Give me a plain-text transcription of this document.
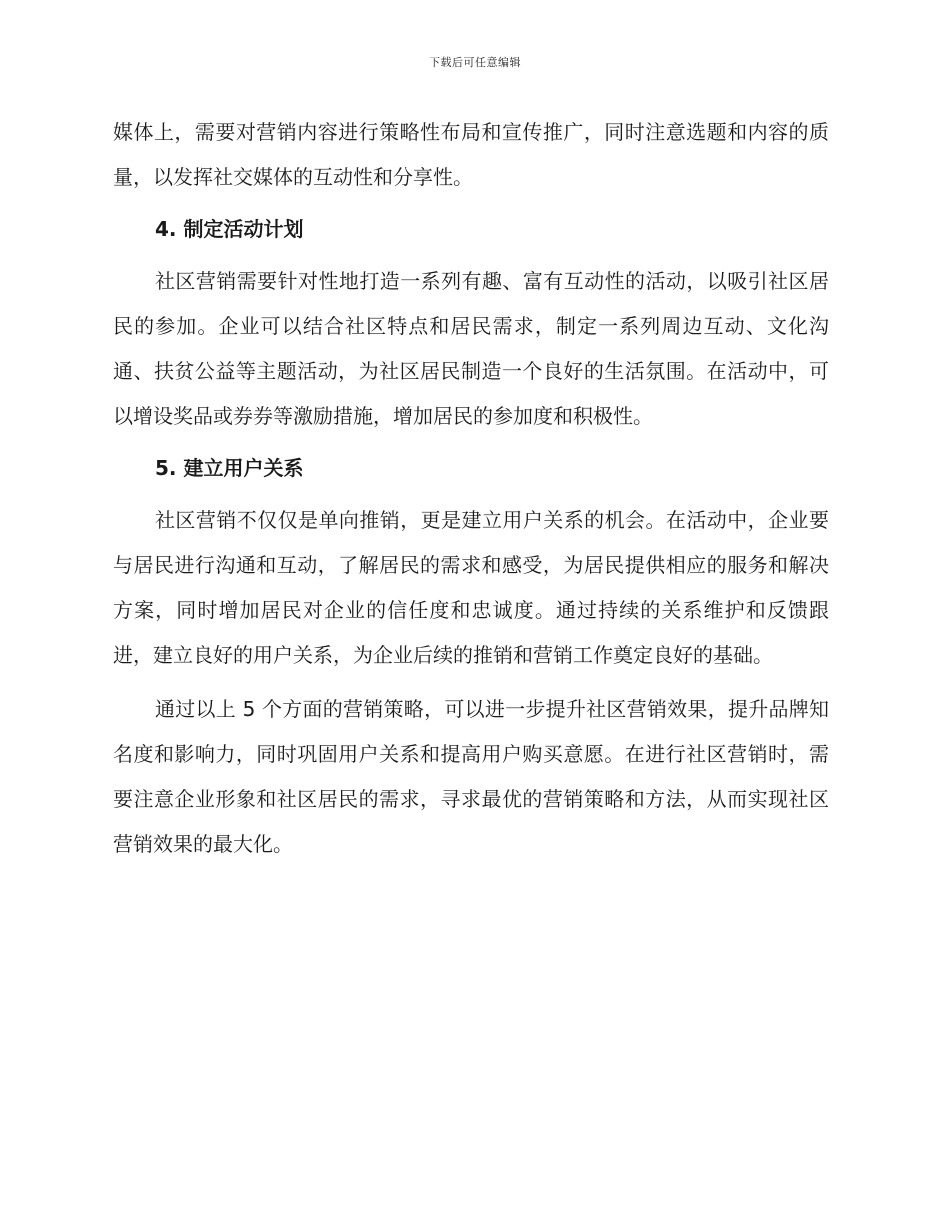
下载后可任意编辑

媒体上，需要对营销内容进行策略性布局和宣传推广，同时注意选题和内容的质量，以发挥社交媒体的互动性和分享性。

4. 制定活动计划

社区营销需要针对性地打造一系列有趣、富有互动性的活动，以吸引社区居民的参加。企业可以结合社区特点和居民需求，制定一系列周边互动、文化沟通、扶贫公益等主题活动，为社区居民制造一个良好的生活氛围。在活动中，可以增设奖品或券券等激励措施，增加居民的参加度和积极性。

5. 建立用户关系

社区营销不仅仅是单向推销，更是建立用户关系的机会。在活动中，企业要与居民进行沟通和互动，了解居民的需求和感受，为居民提供相应的服务和解决方案，同时增加居民对企业的信任度和忠诚度。通过持续的关系维护和反馈跟进，建立良好的用户关系，为企业后续的推销和营销工作奠定良好的基础。

通过以上 5 个方面的营销策略，可以进一步提升社区营销效果，提升品牌知名度和影响力，同时巩固用户关系和提高用户购买意愿。在进行社区营销时，需要注意企业形象和社区居民的需求，寻求最优的营销策略和方法，从而实现社区营销效果的最大化。
